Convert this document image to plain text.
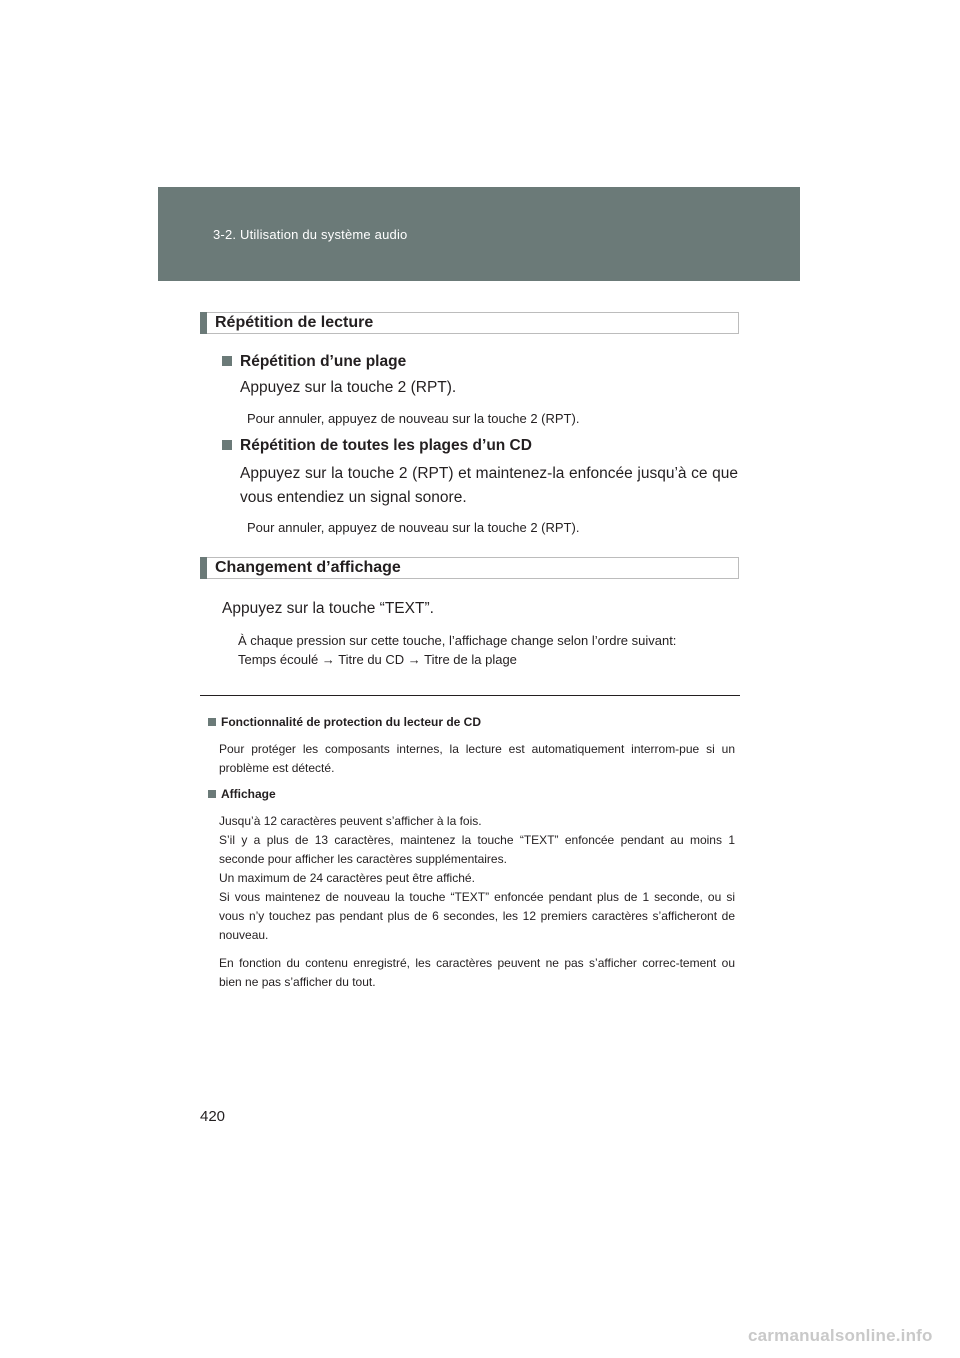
3-2. Utilisation du système audio
Répétition de lecture
Répétition d’une plage
Appuyez sur la touche 2 (RPT).
Pour annuler, appuyez de nouveau sur la touche 2 (RPT).
Répétition de toutes les plages d’un CD
Appuyez sur la touche 2 (RPT) et maintenez-la enfoncée jusqu’à ce que vous entendiez un signal sonore.
Pour annuler, appuyez de nouveau sur la touche 2 (RPT).
Changement d’affichage
Appuyez sur la touche “TEXT”.
À chaque pression sur cette touche, l’affichage change selon l’ordre suivant:
Temps écoulé → Titre du CD → Titre de la plage
Fonctionnalité de protection du lecteur de CD
Pour protéger les composants internes, la lecture est automatiquement interrom-pue si un problème est détecté.
Affichage
Jusqu’à 12 caractères peuvent s’afficher à la fois.
S’il y a plus de 13 caractères, maintenez la touche “TEXT” enfoncée pendant au moins 1 seconde pour afficher les caractères supplémentaires.
Un maximum de 24 caractères peut être affiché.
Si vous maintenez de nouveau la touche “TEXT” enfoncée pendant plus de 1 seconde, ou si vous n’y touchez pas pendant plus de 6 secondes, les 12 premiers caractères s’afficheront de nouveau.
En fonction du contenu enregistré, les caractères peuvent ne pas s’afficher correc-tement ou bien ne pas s’afficher du tout.
420
carmanualsonline.info
